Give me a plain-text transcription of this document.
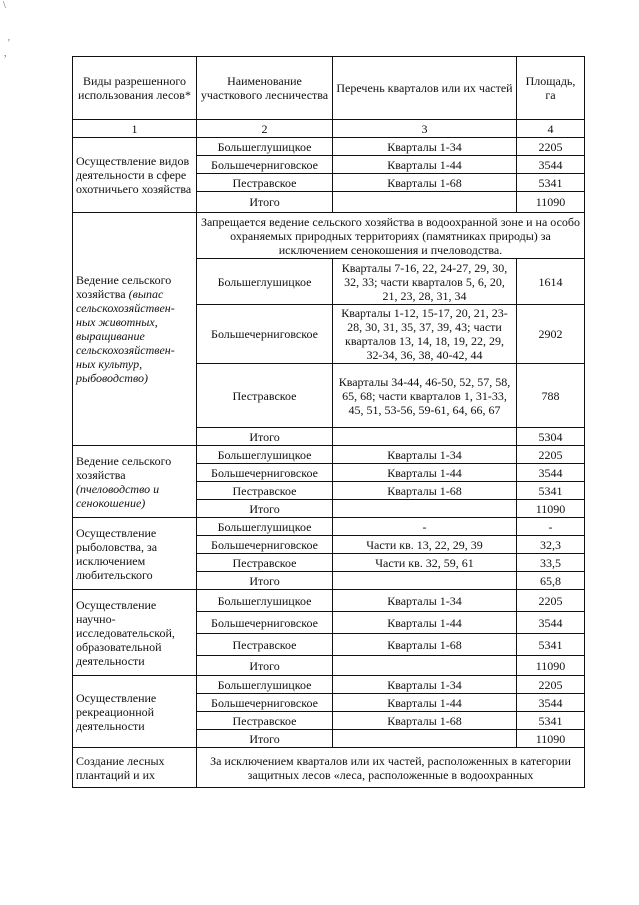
\
'
,
Виды разрешенного использования лесов*	Наименование участкового лесничества	Перечень кварталов или их частей	Площадь, га
1	2	3	4
Осуществление видов деятельности в сфере охотничьего хозяйства	Большеглушицкое	Кварталы 1-34	2205
	Большечерниговское	Кварталы 1-44	3544
	Пестравское	Кварталы 1-68	5341
	Итого		11090
Ведение сельского хозяйства (выпас сельскохозяйствен-ных животных, выращивание сельскохозяйствен-ных культур, рыбоводство)	Запрещается ведение сельского хозяйства в водоохранной зоне и на особо охраняемых природных территориях (памятниках природы) за исключением сенокошения и пчеловодства.		
	Большеглушицкое	Кварталы 7-16, 22, 24-27, 29, 30, 32, 33; части кварталов 5, 6, 20, 21, 23, 28, 31, 34	1614
	Большечерниговское	Кварталы 1-12, 15-17, 20, 21, 23-28, 30, 31, 35, 37, 39, 43; части кварталов 13, 14, 18, 19, 22, 29, 32-34, 36, 38, 40-42, 44	2902
	Пестравское	Кварталы 34-44, 46-50, 52, 57, 58, 65, 68; части кварталов 1, 31-33, 45, 51, 53-56, 59-61, 64, 66, 67	788
	Итого		5304
Ведение сельского хозяйства (пчеловодство и сенокошение)	Большеглушицкое	Кварталы 1-34	2205
	Большечерниговское	Кварталы 1-44	3544
	Пестравское	Кварталы 1-68	5341
	Итого		11090
Осуществление рыболовства, за исключением любительского	Большеглушицкое	-	-
	Большечерниговское	Части кв. 13, 22, 29, 39	32,3
	Пестравское	Части кв. 32, 59, 61	33,5
	Итого		65,8
Осуществление научно-исследовательской, образовательной деятельности	Большеглушицкое	Кварталы 1-34	2205
	Большечерниговское	Кварталы 1-44	3544
	Пестравское	Кварталы 1-68	5341
	Итого		11090
Осуществление рекреационной деятельности	Большеглушицкое	Кварталы 1-34	2205
	Большечерниговское	Кварталы 1-44	3544
	Пестравское	Кварталы 1-68	5341
	Итого		11090
Создание лесных плантаций и их	За исключением кварталов или их частей, расположенных в категории защитных лесов «леса, расположенные в водоохранных		
